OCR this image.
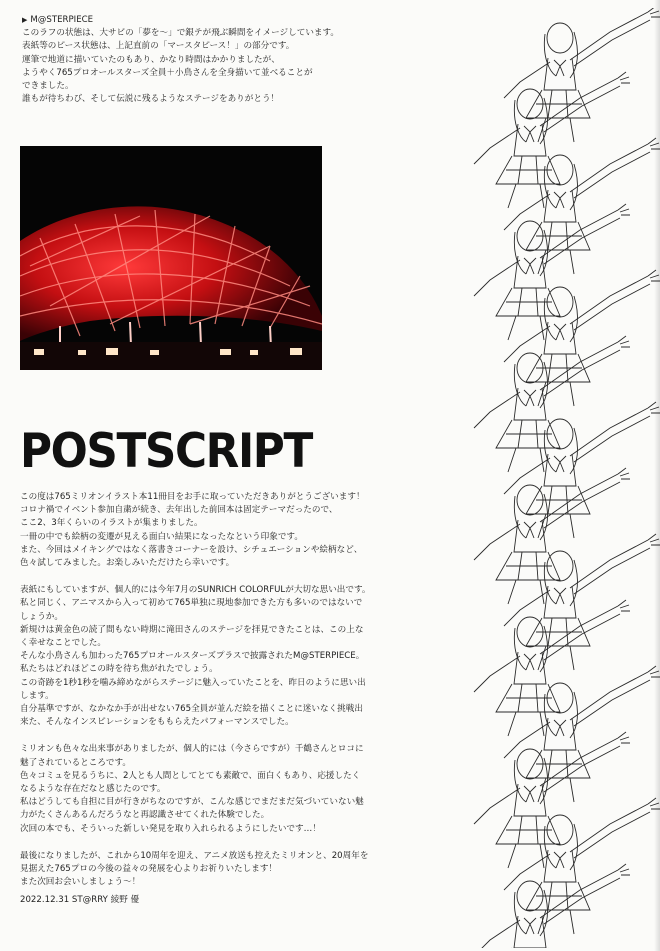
▶ M@STERPIECE

このラフの状態は、大サビの「夢を〜」で銀テが飛ぶ瞬間をイメージしています。

表紙等のピース状態は、上記直前の「マースタピース！」の部分です。

運筆で地道に描いていたのもあり、かなり時間はかかりましたが、

ようやく765プロオールスターズ全員＋小鳥さんを全身描いて並べることが

できました。

誰もが待ちわび、そして伝説に残るようなステージをありがとう！

POSTSCRIPT

この度は765ミリオンイラスト本11冊目をお手に取っていただきありがとうございます！

コロナ禍でイベント参加自粛が続き、去年出した前回本は固定テーマだったので、

ここ2、3年くらいのイラストが集まりました。

一冊の中でも絵柄の変遷が見える面白い結果になったなという印象です。

また、今回はメイキングではなく落書きコーナーを設け、シチュエーションや絵柄など、

色々試してみました。お楽しみいただけたら幸いです。

表紙にもしていますが、個人的には今年7月のSUNRICH COLORFULが大切な思い出です。

私と同じく、アニマスから入って初めて765単独に現地参加できた方も多いのではないで

しょうか。

新規けは黄金色の読了間もない時期に滝田さんのステージを拝見できたことは、この上な

く幸せなことでした。

そんな小鳥さんも加わった765プロオールスターズプラスで披露されたM@STERPIECE。

私たちはどれほどこの時を待ち焦がれたでしょう。

この奇跡を1秒1秒を噛み締めながらステージに魅入っていたことを、昨日のように思い出

します。

自分基準ですが、なかなか手が出せない765全員が並んだ絵を描くことに迷いなく挑戦出

来た、そんなインスピレーションをももらえたパフォーマンスでした。

ミリオンも色々な出来事がありましたが、個人的には（今さらですが）千鶴さんとロコに

魅了されているところです。

色々コミュを見るうちに、2人とも人間としてとても素敵で、面白くもあり、応援したく

なるような存在だなと感じたのです。

私はどうしても自担に目が行きがちなのですが、こんな感じでまだまだ気づいていない魅

力がたくさんあるんだろうなと再認識させてくれた体験でした。

次回の本でも、そういった新しい発見を取り入れられるようにしたいです…！

最後になりましたが、これから10周年を迎え、アニメ放送も控えたミリオンと、20周年を

見据えた765プロの今後の益々の発展を心よりお祈りいたします！

また次回お会いしましょう〜！

2022.12.31 ST@RRY 綾野 優
